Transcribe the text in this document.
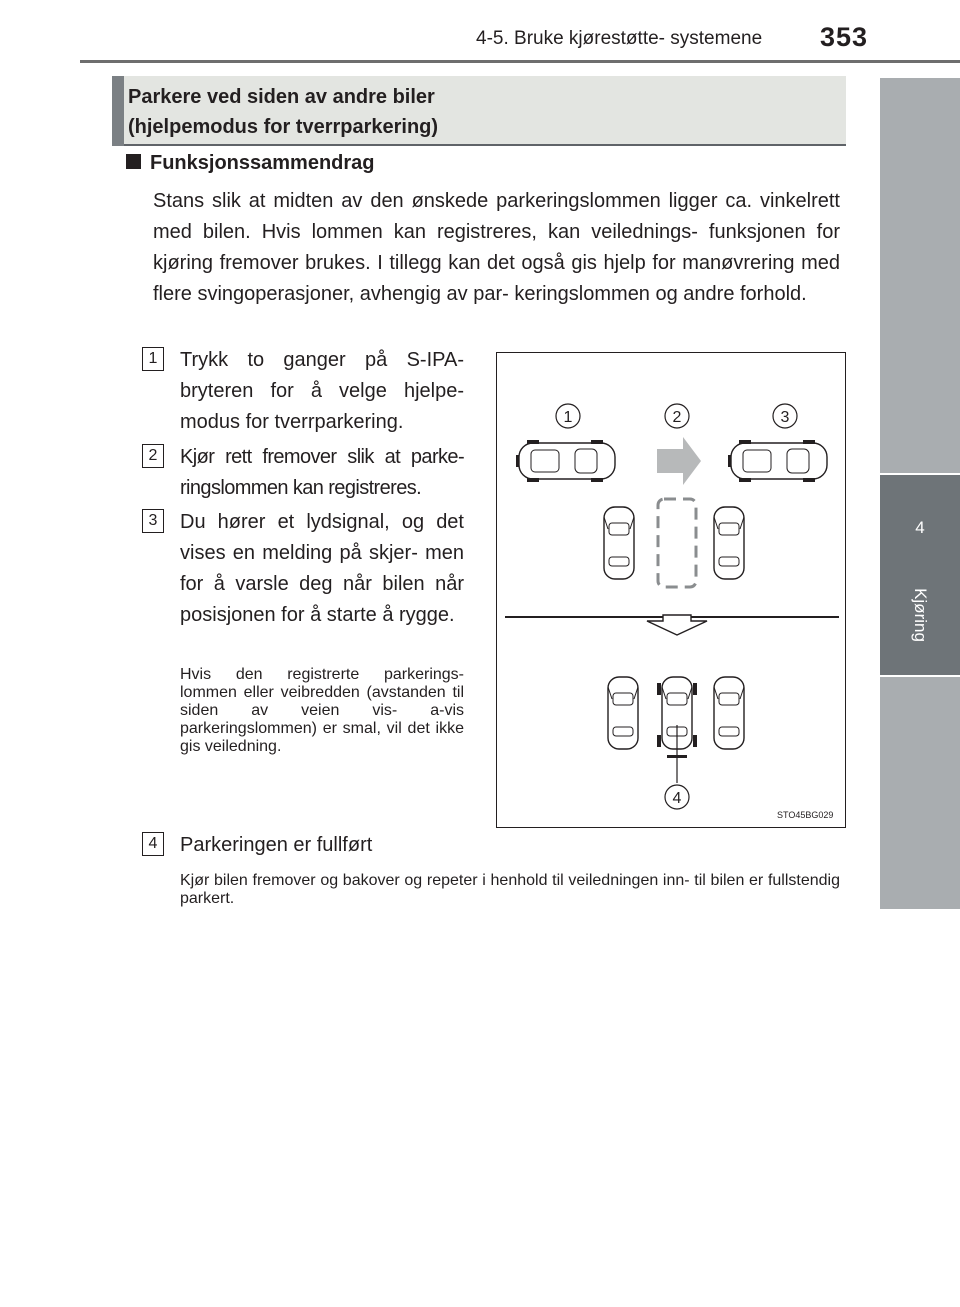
4-5. Bruke kjørestøtte- systemene 353
4
Kjøring
Parkere ved siden av andre biler
(hjelpemodus for tverrparkering)
Funksjonssammendrag
Stans slik at midten av den ønskede parkeringslommen ligger ca. vinkelrett med bilen. Hvis lommen kan registreres, kan veilednings- funksjonen for kjøring fremover brukes. I tillegg kan det også gis hjelp for manøvrering med flere svingoperasjoner, avhengig av par- keringslommen og andre forhold.
1	Trykk to ganger på S-IPA- bryteren for å velge hjelpe- modus for tverrparkering.
2	Kjør rett fremover slik at parke- ringslommen kan registreres.
3	Du hører et lydsignal, og det vises en melding på skjer- men for å varsle deg når bilen når posisjonen for å starte å rygge.
Hvis den registrerte parkerings- lommen eller veibredden (avstanden til siden av veien vis- a-vis parkeringslommen) er smal, vil det ikke gis veiledning.
4	Parkeringen er fullført
Kjør bilen fremover og bakover og repeter i henhold til veiledningen inn- til bilen er fullstendig parkert.
1	2	3
4
STO45BG029
